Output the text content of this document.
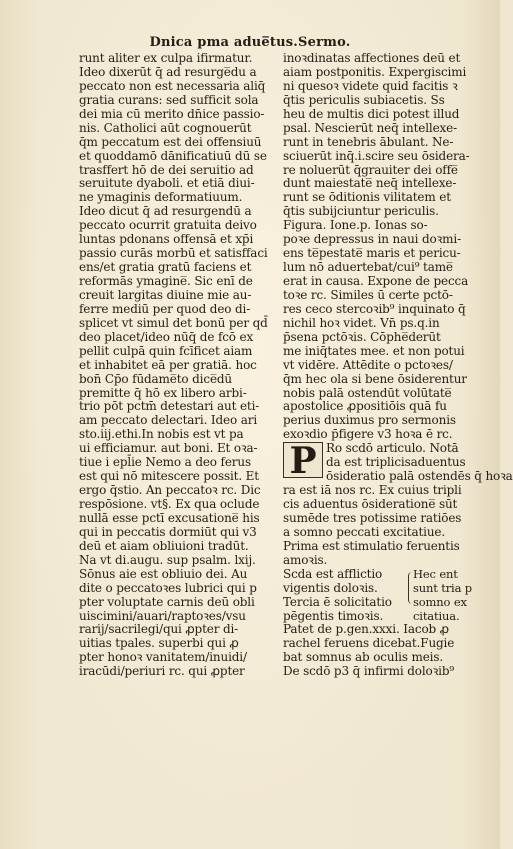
Dnica pma adue̅tus.Sermo.
runt aliter ex culpa ifirmatur.
Ideo dixerūt q̄ ad resurge̅du a
peccato non est necessaria aliq̄
gratia curans: sed sufficit sola
dei mia cū merito dn̄ice passio-
nis. Catholici aūt cognouerūt
q̄m peccatum est dei offensiuū
et quoddamō dānificatiuū dū se
trasffert hō de dei seruitio ad
seruitute dyaboli. et etiā diui-
ne ymaginis deformatiuum.
Ideo dicut q̄ ad resurgendū a
peccato ocurrit gratuita deivo
luntas pdonans offensā et xp̄i
passio curās morbū et satisffaci
ens/et gratia gratū faciens et
reformās ymagine̅. Sic enī de
creuit largitas diuine mie au-
ferre mediū per quod deo di-
splicet vt simul det bonū per qd̄
deo placet/ideo nūq̄ de fcō ex
pellit culpā quin fcīficet aiam
et inhabitet eā per gratiā. hoc
bon̄ Cp̄o fūdame̅to dice̅dū
premitte q̄ hō ex libero arbi-
trio pōt pctm̄ detestari aut eti-
am peccato delectari. Ideo ari
sto.iij.ethi.In nobis est vt pa
ui efficiamur. aut boni. Et oꝛa-
tiue i epl̄ie Nemo a deo ferus
est qui nō mitescere possit. Et
ergo q̄stio. An peccatoꝛ rc. Dic
respōsione. vt§. Ex qua oclude
nullā esse pctī excusatione̅ his
qui in peccatis dormiūt qui v3
deū et aiam obliuioni tradūt.
Na vt di.augu. sup psalm. lxij.
Sōnus aie est obliuio dei. Au
dite o peccatoꝛes lubrici qui p
pter voluptate carnis deū obli
uiscimini/auari/raptoꝛes/vsu
rarij/sacrilegi/qui ꝓpter di-
uitias tpales. superbi qui ꝓ
pter honoꝛ vanitatem/inuidi/
iracūdi/periuri rc. qui ꝓpter
inoꝛdinatas affectiones deū et
aiam postponitis. Expergiscimi
ni quesoꝛ videte quid facitis ꝛ
q̄tis periculis subiacetis. Ss
heu de multis dici potest illud
psal. Nescierūt neq̄ intellexe-
runt in tenebris ābulant. Ne-
sciuerūt inq̄.i.scire seu ōsidera-
re noluerūt q̄grauiter dei offe̅
dunt maiestate̅ neq̄ intellexe-
runt se ōditionis vilitatem et
q̄tis subijciuntur periculis.
Figura. Ione.p. Ionas so-
poꝛe depressus in naui doꝛmi-
ens te̅pestate̅ maris et pericu-
lum nō aduertebat/cui⁹ tame̅
erat in causa. Expone de pecca
toꝛe rc. Similes ū certe pctō-
res ceco stercoꝛib⁹ inquinato q̄
nichil hoꝛ videt. Vn̄ ps.q.in
p̄sena pctōꝛis. Cōphe̅derūt
me iniq̄tates mee. et non potui
vt vidēre. Attēdite o pctoꝛes/
q̄m hec ola si bene ōsiderentur
nobis palā ostendūt volūtate̅
apostolice ꝓpositiōis quā fu
perius duximus pro sermonis
exoꝛdio p̄figere v3 hoꝛa ē rc.
P Ro scdō articulo. Notā
da est triplicisaduentus
ōsideratio palā ostendēs q̄ hoꝛa
ra est iā nos rc. Ex cuius tripli
cis aduentus ōsideratione̅ sūt
sumēde tres potissime ratiōes
a somno peccati excitatiue.
Prima est stimulatio feruentis
amoꝛis.
Scda est afflictio
vigentis doloꝛis.
Tercia ē solicitatio
pēgentis timoꝛis.
Hec ent
sunt tria p
somno ex
citatiua.
Patet de p.gen.xxxi. Iacob ꝓ
rachel feruens dicebat.Fugie
bat somnus ab oculis meis.
De scdō p3 q̄ infirmi doloꝛib⁹
